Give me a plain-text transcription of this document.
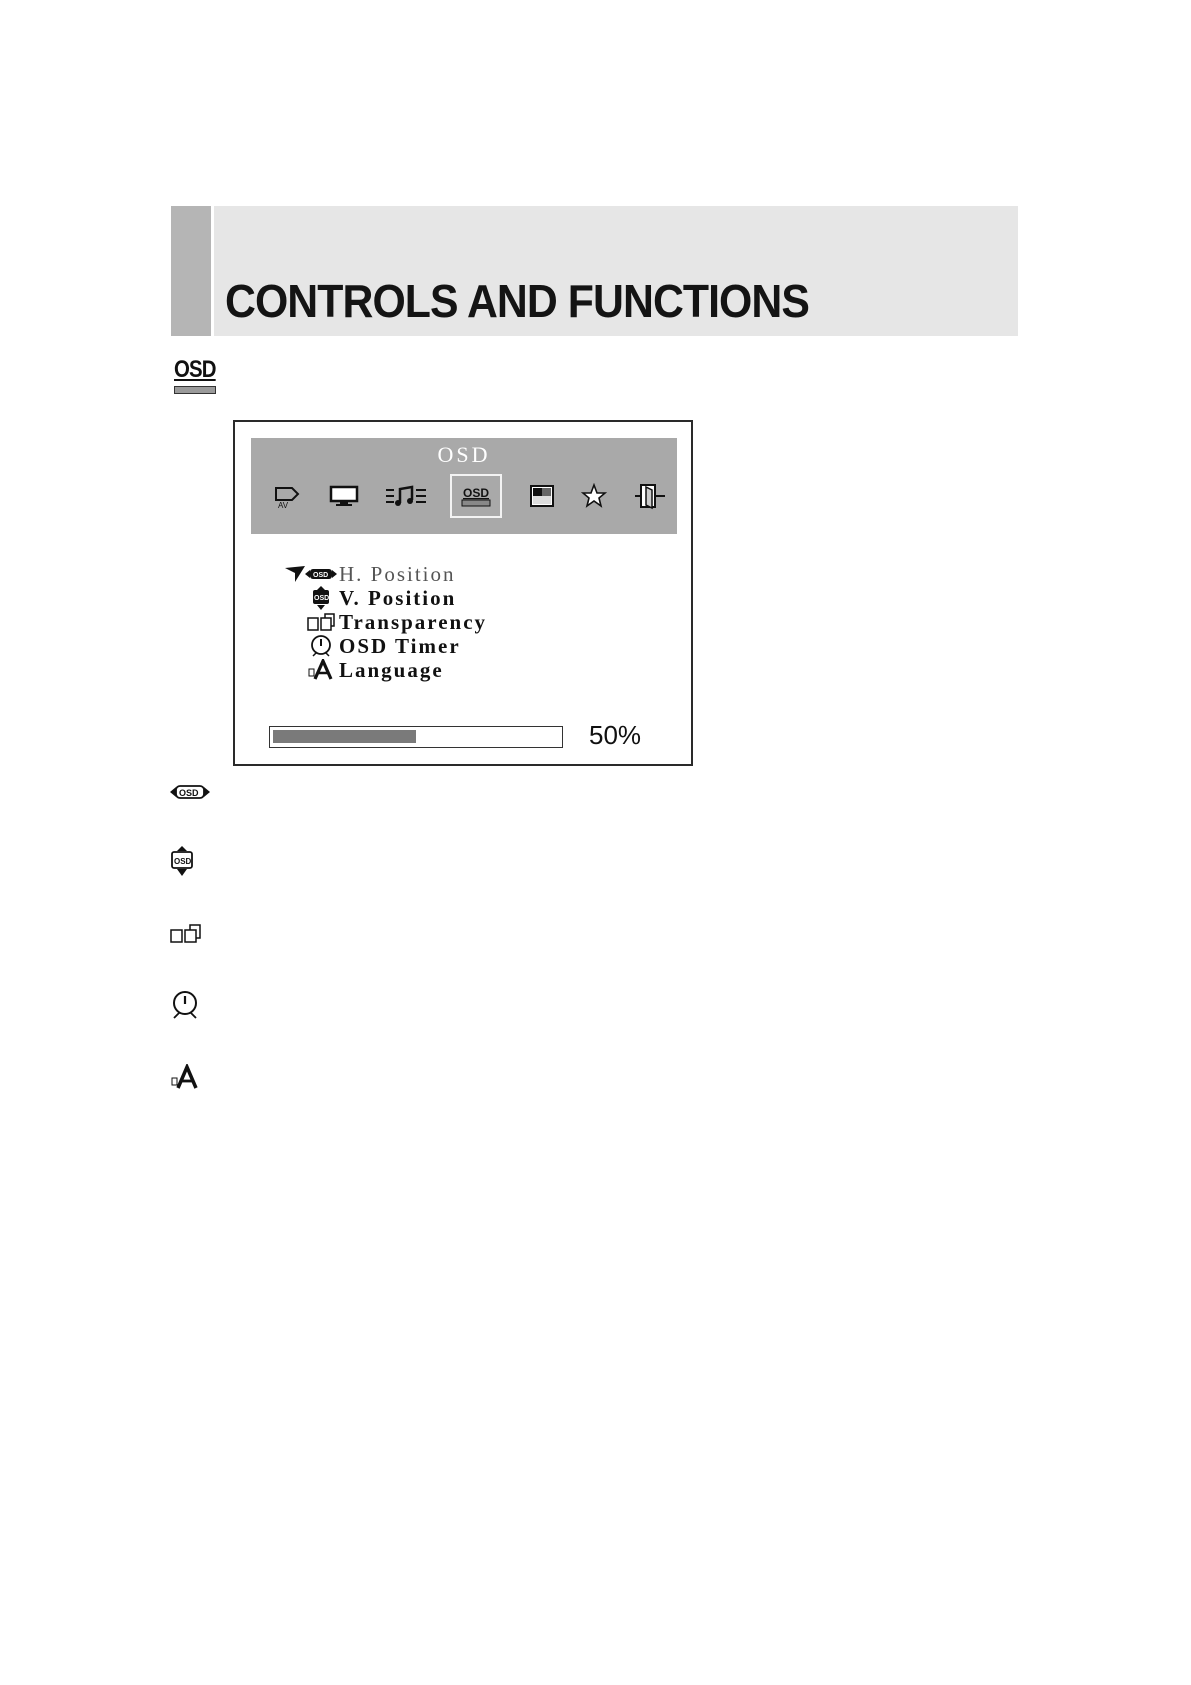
CONTROLS AND FUNCTIONS
OSD
OSD
AV
OSD
OSD H. Position
OSD V. Position
Transparency
OSD Timer
Language
50%
OSD
OSD
